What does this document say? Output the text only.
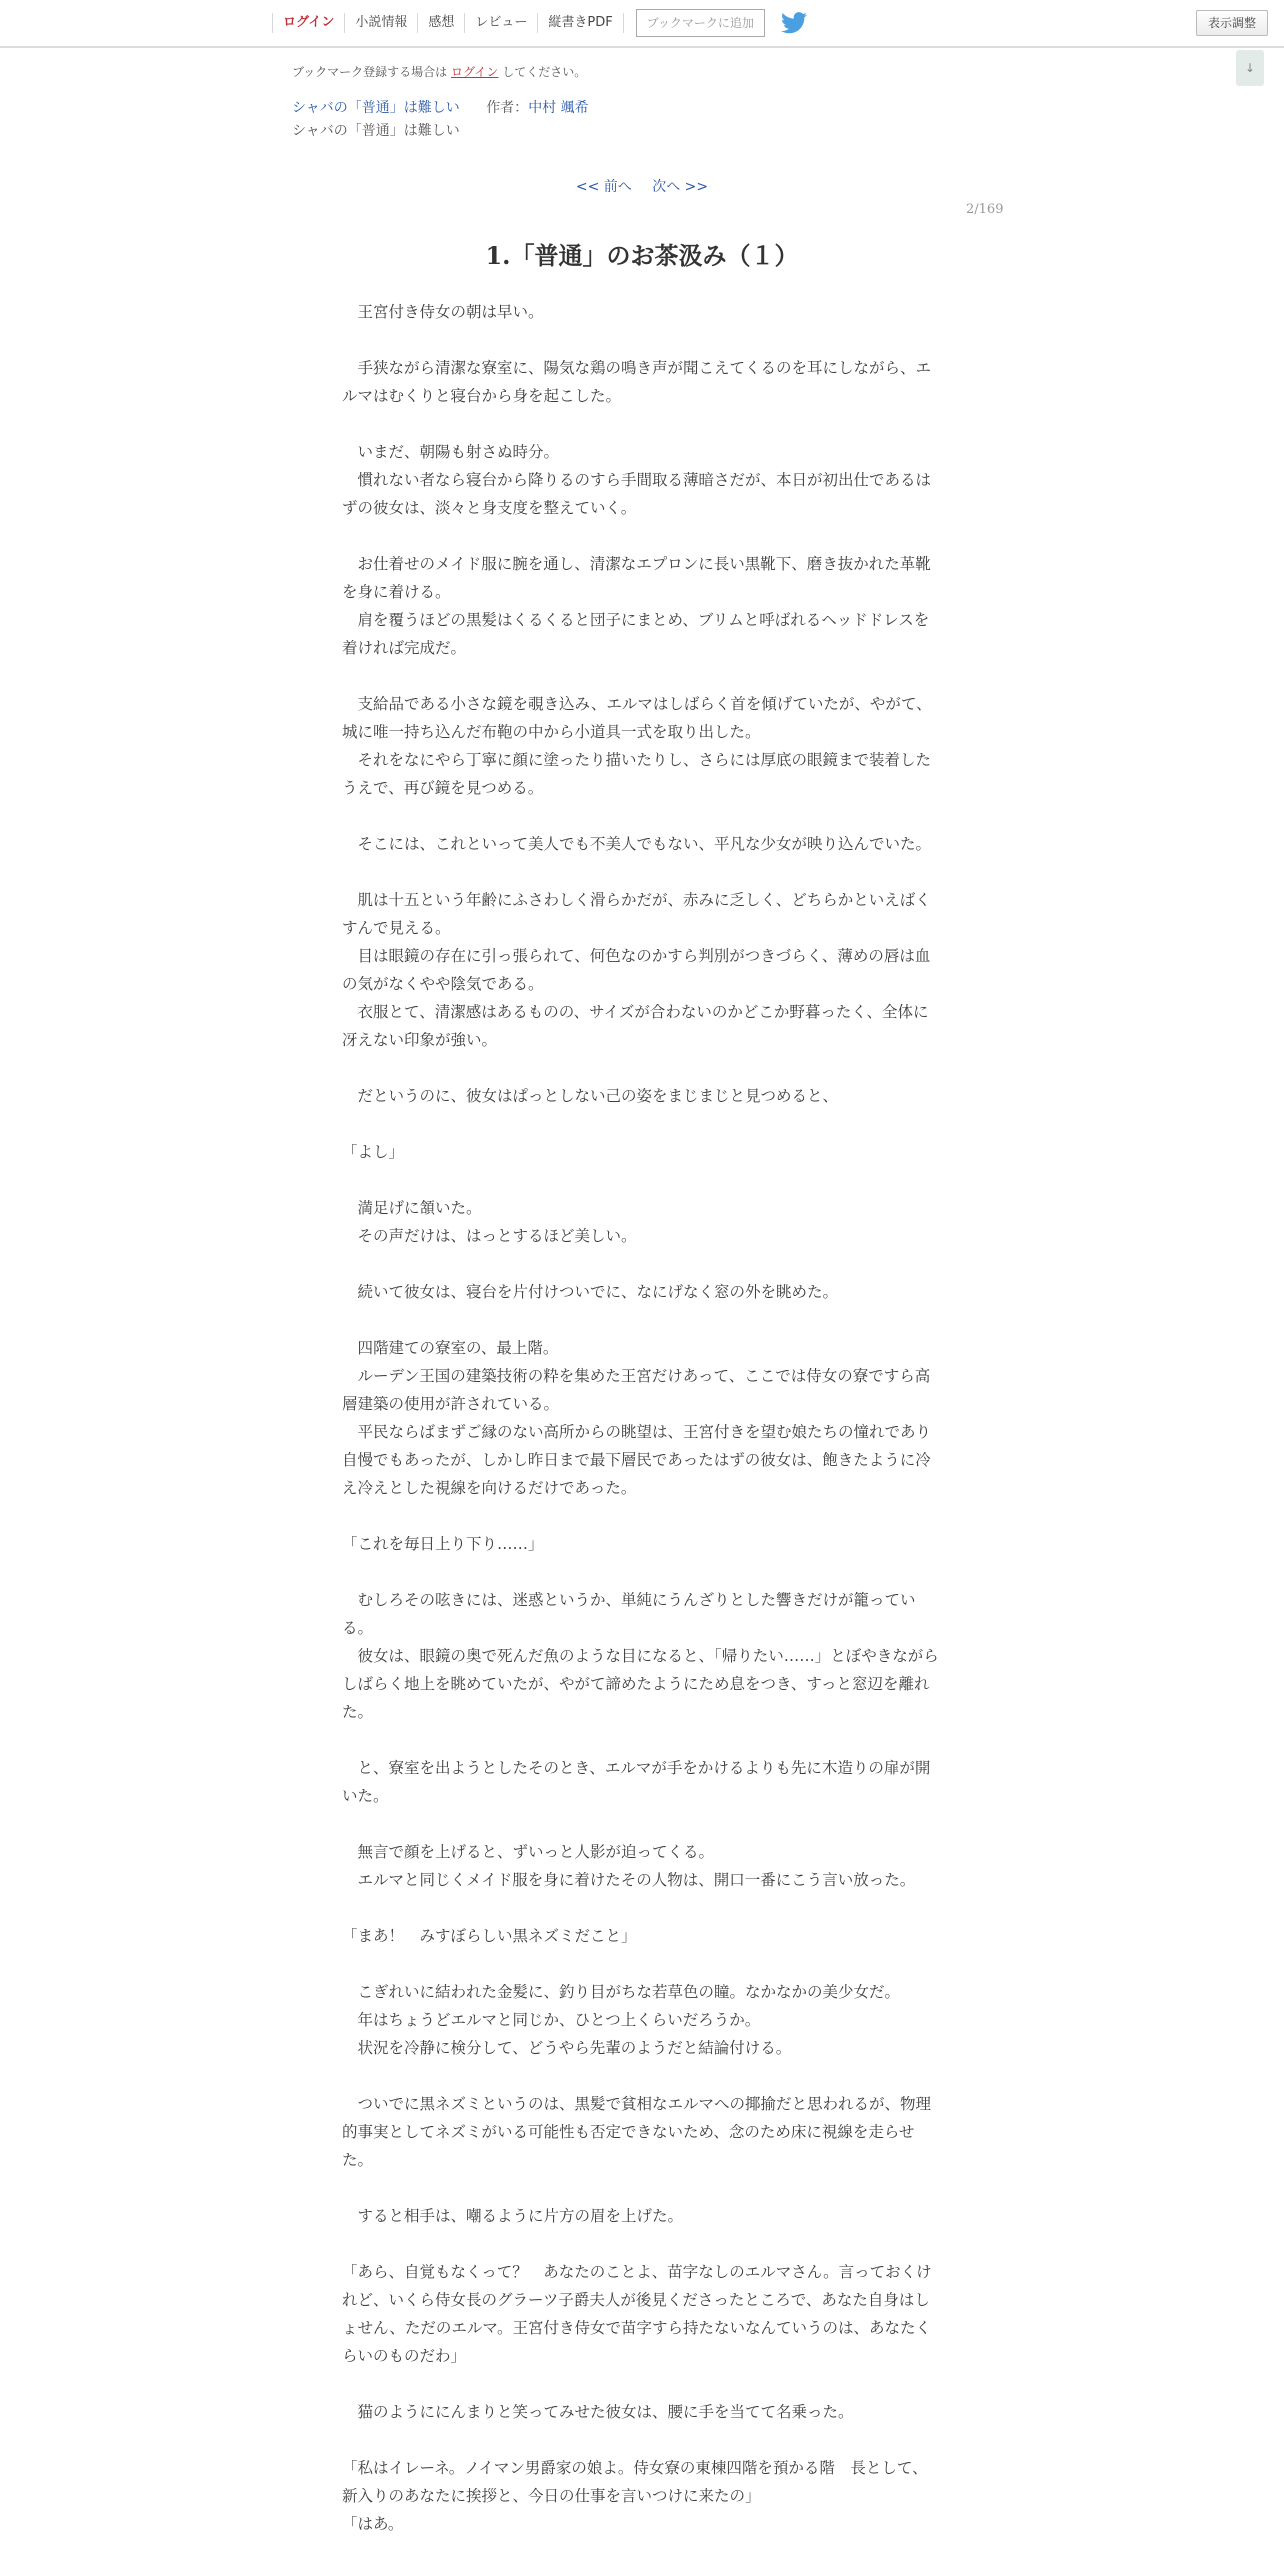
ログイン	小説情報	感想	レビュー	縦書きPDF	ブックマークに追加	表示調整
↓
ブックマーク登録する場合は ログイン してください。
シャバの「普通」は難しい 作者：中村 颯希
シャバの「普通」は難しい
<< 前へ 次へ >>
2/169
1.「普通」のお茶汲み（１）

　王宮付き侍女の朝は早い。

　手狭ながら清潔な寮室に、陽気な鶏の鳴き声が聞こえてくるのを耳にしながら、エルマはむくりと寝台から身を起こした。

　いまだ、朝陽も射さぬ時分。

　慣れない者なら寝台から降りるのすら手間取る薄暗さだが、本日が初出仕であるはずの彼女は、淡々と身支度を整えていく。

　お仕着せのメイド服に腕を通し、清潔なエプロンに長い黒靴下、磨き抜かれた革靴を身に着ける。

　肩を覆うほどの黒髪はくるくると団子にまとめ、ブリムと呼ばれるヘッドドレスを着ければ完成だ。

　支給品である小さな鏡を覗き込み、エルマはしばらく首を傾げていたが、やがて、城に唯一持ち込んだ布鞄の中から小道具一式を取り出した。

　それをなにやら丁寧に顔に塗ったり描いたりし、さらには厚底の眼鏡まで装着したうえで、再び鏡を見つめる。

　そこには、これといって美人でも不美人でもない、平凡な少女が映り込んでいた。

　肌は十五という年齢にふさわしく滑らかだが、赤みに乏しく、どちらかといえばくすんで見える。

　目は眼鏡の存在に引っ張られて、何色なのかすら判別がつきづらく、薄めの唇は血の気がなくやや陰気である。

　衣服とて、清潔感はあるものの、サイズが合わないのかどこか野暮ったく、全体に冴えない印象が強い。

　だというのに、彼女はぱっとしない己の姿をまじまじと見つめると、

「よし」

　満足げに頷いた。

　その声だけは、はっとするほど美しい。

　続いて彼女は、寝台を片付けついでに、なにげなく窓の外を眺めた。

　四階建ての寮室の、最上階。

　ルーデン王国の建築技術の粋を集めた王宮だけあって、ここでは侍女の寮ですら高層建築の使用が許されている。

　平民ならばまずご縁のない高所からの眺望は、王宮付きを望む娘たちの憧れであり自慢でもあったが、しかし昨日まで最下層民であったはずの彼女は、飽きたように冷え冷えとした視線を向けるだけであった。

「これを毎日上り下り……」

　むしろその呟きには、迷惑というか、単純にうんざりとした響きだけが籠っている。

　彼女は、眼鏡の奥で死んだ魚のような目になると、「帰りたい……」とぼやきながらしばらく地上を眺めていたが、やがて諦めたようにため息をつき、すっと窓辺を離れた。

　と、寮室を出ようとしたそのとき、エルマが手をかけるよりも先に木造りの扉が開いた。

　無言で顔を上げると、ずいっと人影が迫ってくる。

　エルマと同じくメイド服を身に着けたその人物は、開口一番にこう言い放った。

「まあ！　みすぼらしい黒ネズミだこと」

　こぎれいに結われた金髪に、釣り目がちな若草色の瞳。なかなかの美少女だ。

　年はちょうどエルマと同じか、ひとつ上くらいだろうか。

　状況を冷静に検分して、どうやら先輩のようだと結論付ける。

　ついでに黒ネズミというのは、黒髪で貧相なエルマへの揶揄だと思われるが、物理的事実としてネズミがいる可能性も否定できないため、念のため床に視線を走らせた。

　すると相手は、嘲るように片方の眉を上げた。

「あら、自覚もなくって？　あなたのことよ、苗字なしのエルマさん。言っておくけれど、いくら侍女長のグラーツ子爵夫人が後見くださったところで、あなた自身はしょせん、ただのエルマ。王宮付き侍女で苗字すら持たないなんていうのは、あなたくらいのものだわ」

　猫のようににんまりと笑ってみせた彼女は、腰に手を当てて名乗った。

「私はイレーネ。ノイマン男爵家の娘よ。侍女寮の東棟四階を預かる階　長として、新入りのあなたに挨拶と、今日の仕事を言いつけに来たの」

「はあ。
